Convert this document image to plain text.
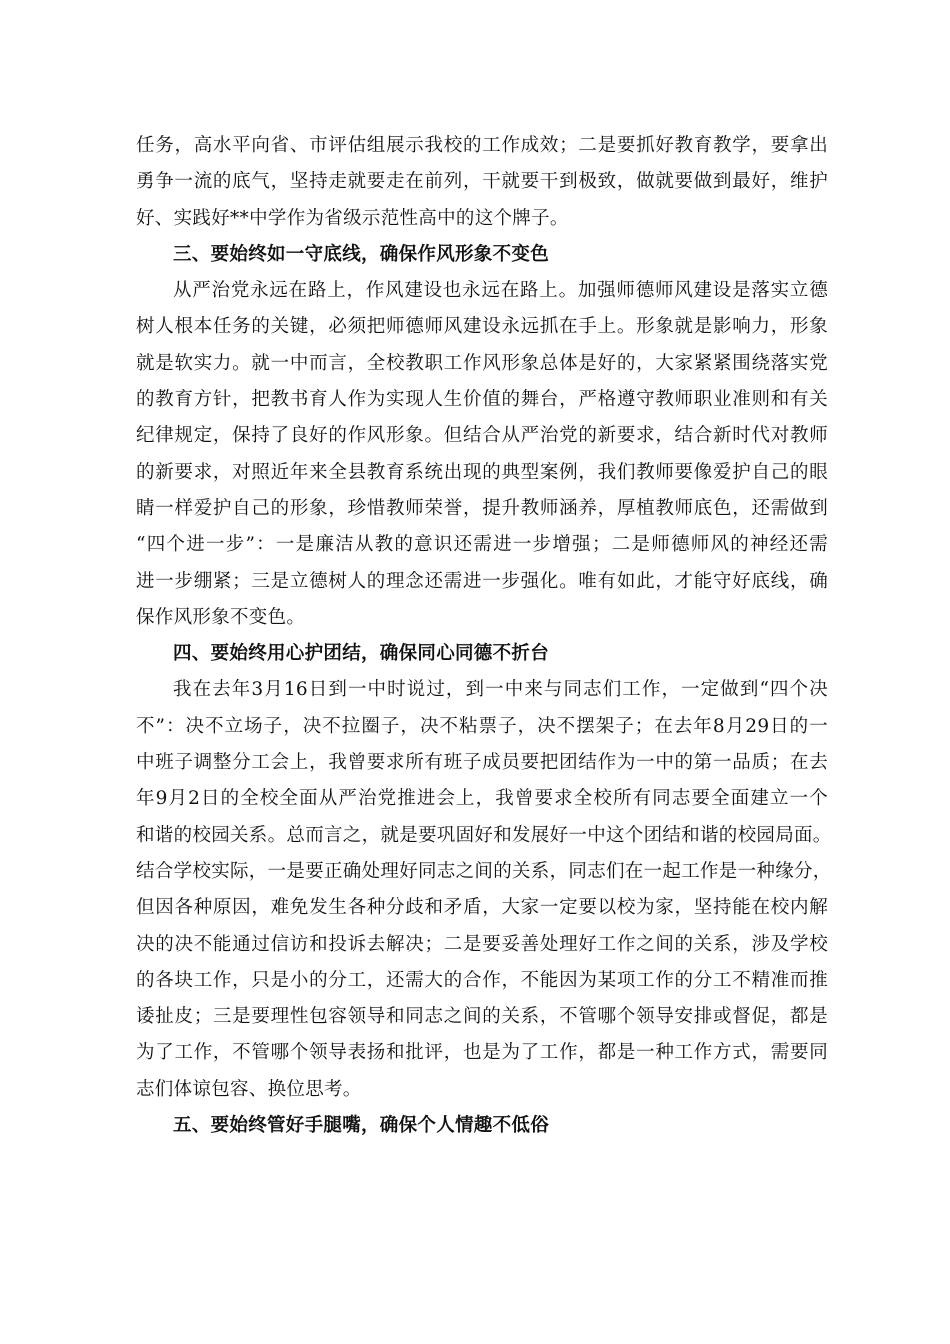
任务，高水平向省、市评估组展示我校的工作成效；二是要抓好教育教学，要拿出
勇争一流的底气，坚持走就要走在前列，干就要干到极致，做就要做到最好，维护
好、实践好**中学作为省级示范性高中的这个牌子。
三、要始终如一守底线，确保作风形象不变色
从严治党永远在路上，作风建设也永远在路上。加强师德师风建设是落实立德
树人根本任务的关键，必须把师德师风建设永远抓在手上。形象就是影响力，形象
就是软实力。就一中而言，全校教职工作风形象总体是好的，大家紧紧围绕落实党
的教育方针，把教书育人作为实现人生价值的舞台，严格遵守教师职业准则和有关
纪律规定，保持了良好的作风形象。但结合从严治党的新要求，结合新时代对教师
的新要求，对照近年来全县教育系统出现的典型案例，我们教师要像爱护自己的眼
睛一样爱护自己的形象，珍惜教师荣誉，提升教师涵养，厚植教师底色，还需做到
“四个进一步”：一是廉洁从教的意识还需进一步增强；二是师德师风的神经还需
进一步绷紧；三是立德树人的理念还需进一步强化。唯有如此，才能守好底线，确
保作风形象不变色。
四、要始终用心护团结，确保同心同德不折台
我在去年3月16日到一中时说过，到一中来与同志们工作，一定做到“四个决
不”：决不立场子，决不拉圈子，决不粘票子，决不摆架子；在去年8月29日的一
中班子调整分工会上，我曾要求所有班子成员要把团结作为一中的第一品质；在去
年9月2日的全校全面从严治党推进会上，我曾要求全校所有同志要全面建立一个
和谐的校园关系。总而言之，就是要巩固好和发展好一中这个团结和谐的校园局面。
结合学校实际，一是要正确处理好同志之间的关系，同志们在一起工作是一种缘分，
但因各种原因，难免发生各种分歧和矛盾，大家一定要以校为家，坚持能在校内解
决的决不能通过信访和投诉去解决；二是要妥善处理好工作之间的关系，涉及学校
的各块工作，只是小的分工，还需大的合作，不能因为某项工作的分工不精准而推
诿扯皮；三是要理性包容领导和同志之间的关系，不管哪个领导安排或督促，都是
为了工作，不管哪个领导表扬和批评，也是为了工作，都是一种工作方式，需要同
志们体谅包容、换位思考。
五、要始终管好手腿嘴，确保个人情趣不低俗
